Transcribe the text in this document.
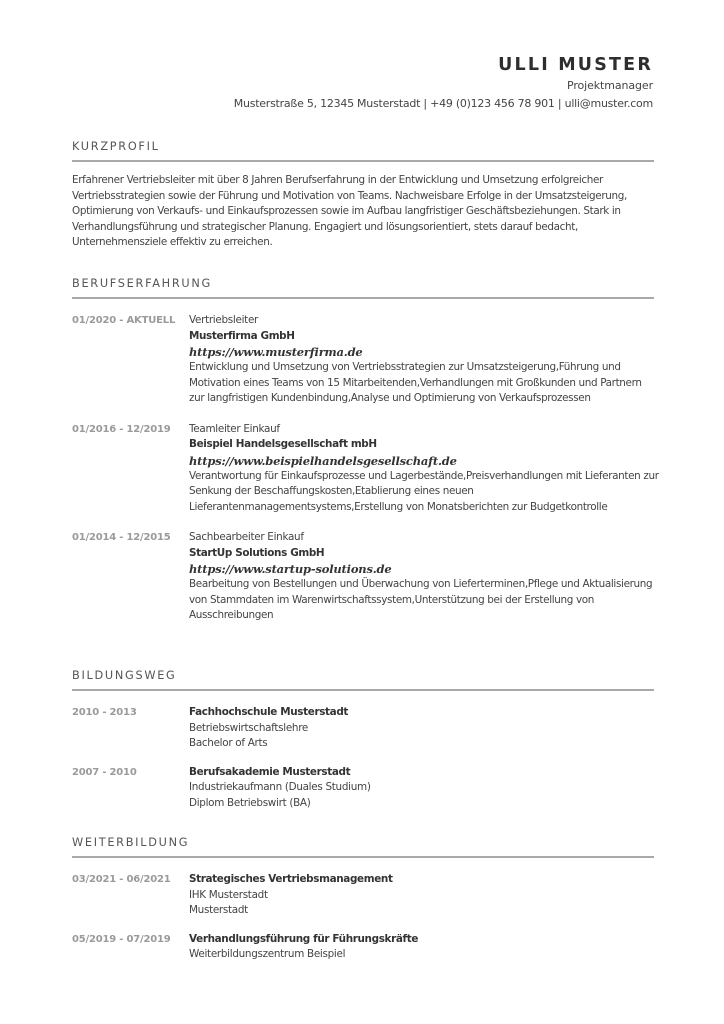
ULLI MUSTER
Projektmanager
Musterstraße 5, 12345 Musterstadt | +49 (0)123 456 78 901 | ulli@muster.com
KURZPROFIL
Erfahrener Vertriebsleiter mit über 8 Jahren Berufserfahrung in der Entwicklung und Umsetzung erfolgreicher Vertriebsstrategien sowie der Führung und Motivation von Teams. Nachweisbare Erfolge in der Umsatzsteigerung, Optimierung von Verkaufs- und Einkaufsprozessen sowie im Aufbau langfristiger Geschäftsbeziehungen. Stark in Verhandlungsführung und strategischer Planung. Engagiert und lösungsorientiert, stets darauf bedacht, Unternehmensziele effektiv zu erreichen.
BERUFSERFAHRUNG
01/2020 - AKTUELL Vertriebsleiter
Musterfirma GmbH
https://www.musterfirma.de
Entwicklung und Umsetzung von Vertriebsstrategien zur Umsatzsteigerung,Führung und Motivation eines Teams von 15 Mitarbeitenden,Verhandlungen mit Großkunden und Partnern zur langfristigen Kundenbindung,Analyse und Optimierung von Verkaufsprozessen
01/2016 - 12/2019 Teamleiter Einkauf
Beispiel Handelsgesellschaft mbH
https://www.beispielhandelsgesellschaft.de
Verantwortung für Einkaufsprozesse und Lagerbestände,Preisverhandlungen mit Lieferanten zur Senkung der Beschaffungskosten,Etablierung eines neuen Lieferantenmanagementsystems,Erstellung von Monatsberichten zur Budgetkontrolle
01/2014 - 12/2015 Sachbearbeiter Einkauf
StartUp Solutions GmbH
https://www.startup-solutions.de
Bearbeitung von Bestellungen und Überwachung von Lieferterminen,Pflege und Aktualisierung von Stammdaten im Warenwirtschaftssystem,Unterstützung bei der Erstellung von Ausschreibungen
BILDUNGSWEG
2010 - 2013	Fachhochschule Musterstadt
Betriebswirtschaftslehre
Bachelor of Arts
2007 - 2010	Berufsakademie Musterstadt
Industriekaufmann (Duales Studium)
Diplom Betriebswirt (BA)
WEITERBILDUNG
03/2021 - 06/2021 Strategisches Vertriebsmanagement
IHK Musterstadt
Musterstadt
05/2019 - 07/2019 Verhandlungsführung für Führungskräfte
Weiterbildungszentrum Beispiel
